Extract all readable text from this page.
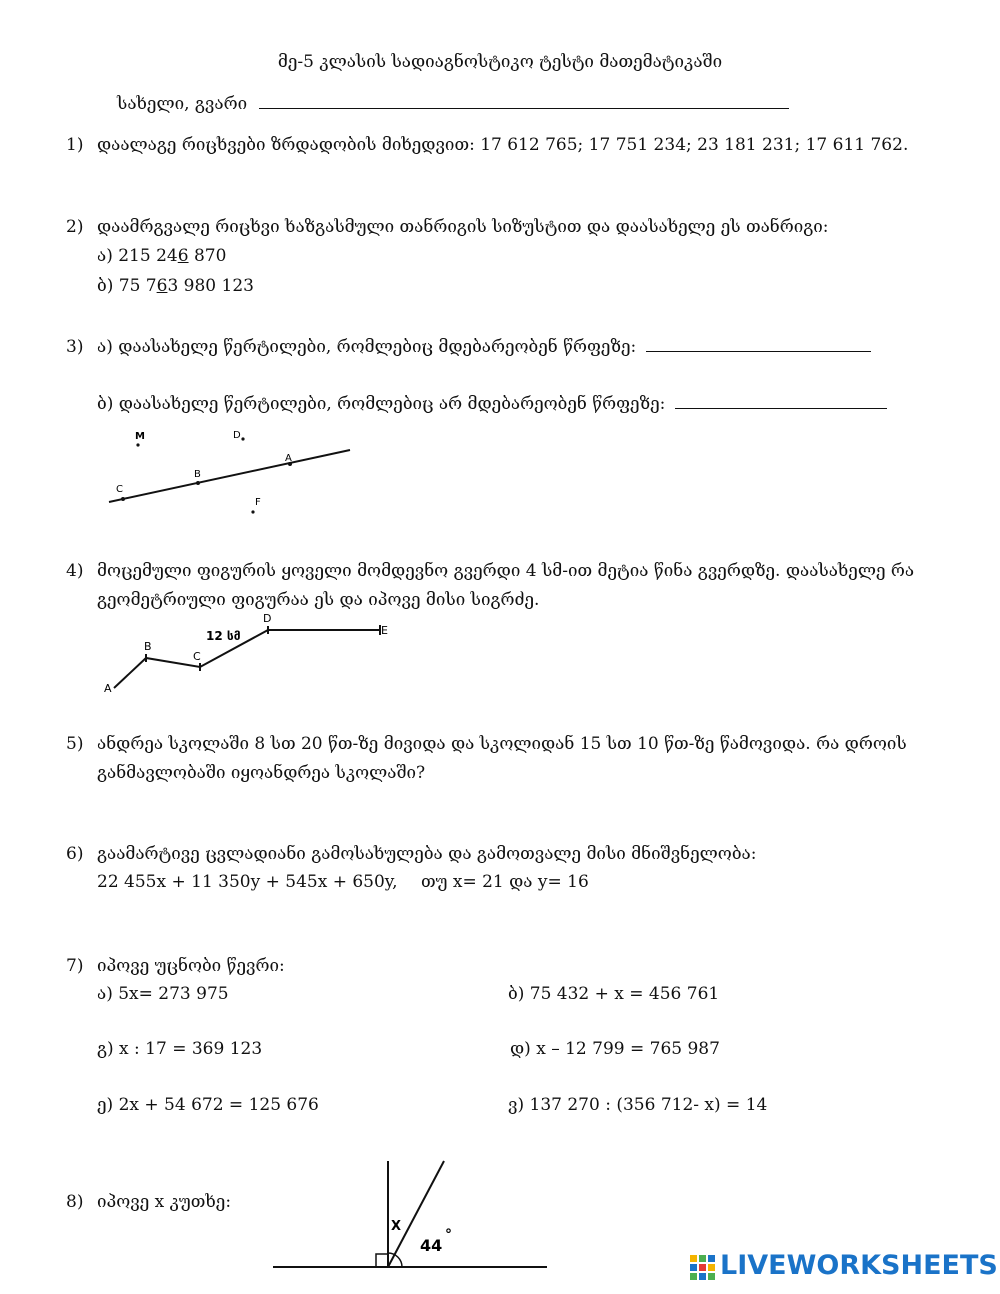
მე-5 კლასის სადიაგნოსტიკო ტესტი მათემატიკაში
სახელი, გვარი
1) დაალაგე რიცხვები ზრდადობის მიხედვით: 17 612 765; 17 751 234; 23 181 231; 17 611 762.
2) დაამრგვალე რიცხვი ხაზგასმული თანრიგის სიზუსტით და დაასახელე ეს თანრიგი:
ა) 215 246 870
ბ) 75 763 980 123
3) ა) დაასახელე წერტილები, რომლებიც მდებარეობენ წრფეზე:
ბ) დაასახელე წერტილები, რომლებიც არ მდებარეობენ წრფეზე:
M	D
A
B
C
F
4) მოცემული ფიგურის ყოველი მომდევნო გვერდი 4 სმ-ით მეტია წინა გვერდზე. დაასახელე რა
გეომეტრიული ფიგურაა ეს და იპოვე მისი სიგრძე.
A
B
C
D
E
12 სმ
5) ანდრეა სკოლაში 8 სთ 20 წთ-ზე მივიდა და სკოლიდან 15 სთ 10 წთ-ზე წამოვიდა. რა დროის
განმავლობაში იყოანდრეა სკოლაში?
6) გაამარტივე ცვლადიანი გამოსახულება და გამოთვალე მისი მნიშვნელობა:
22 455x + 11 350y + 545x + 650y, თუ x= 21 და y= 16
7) იპოვე უცნობი წევრი:
ა) 5x= 273 975	ბ) 75 432 + x = 456 761
გ) x : 17 = 369 123	დ) x – 12 799 = 765 987
ე) 2x + 54 672 = 125 676	ვ) 137 270 : (356 712- x) = 14
8) იპოვე x კუთხე:
X
44
°
LIVEWORKSHEETS
